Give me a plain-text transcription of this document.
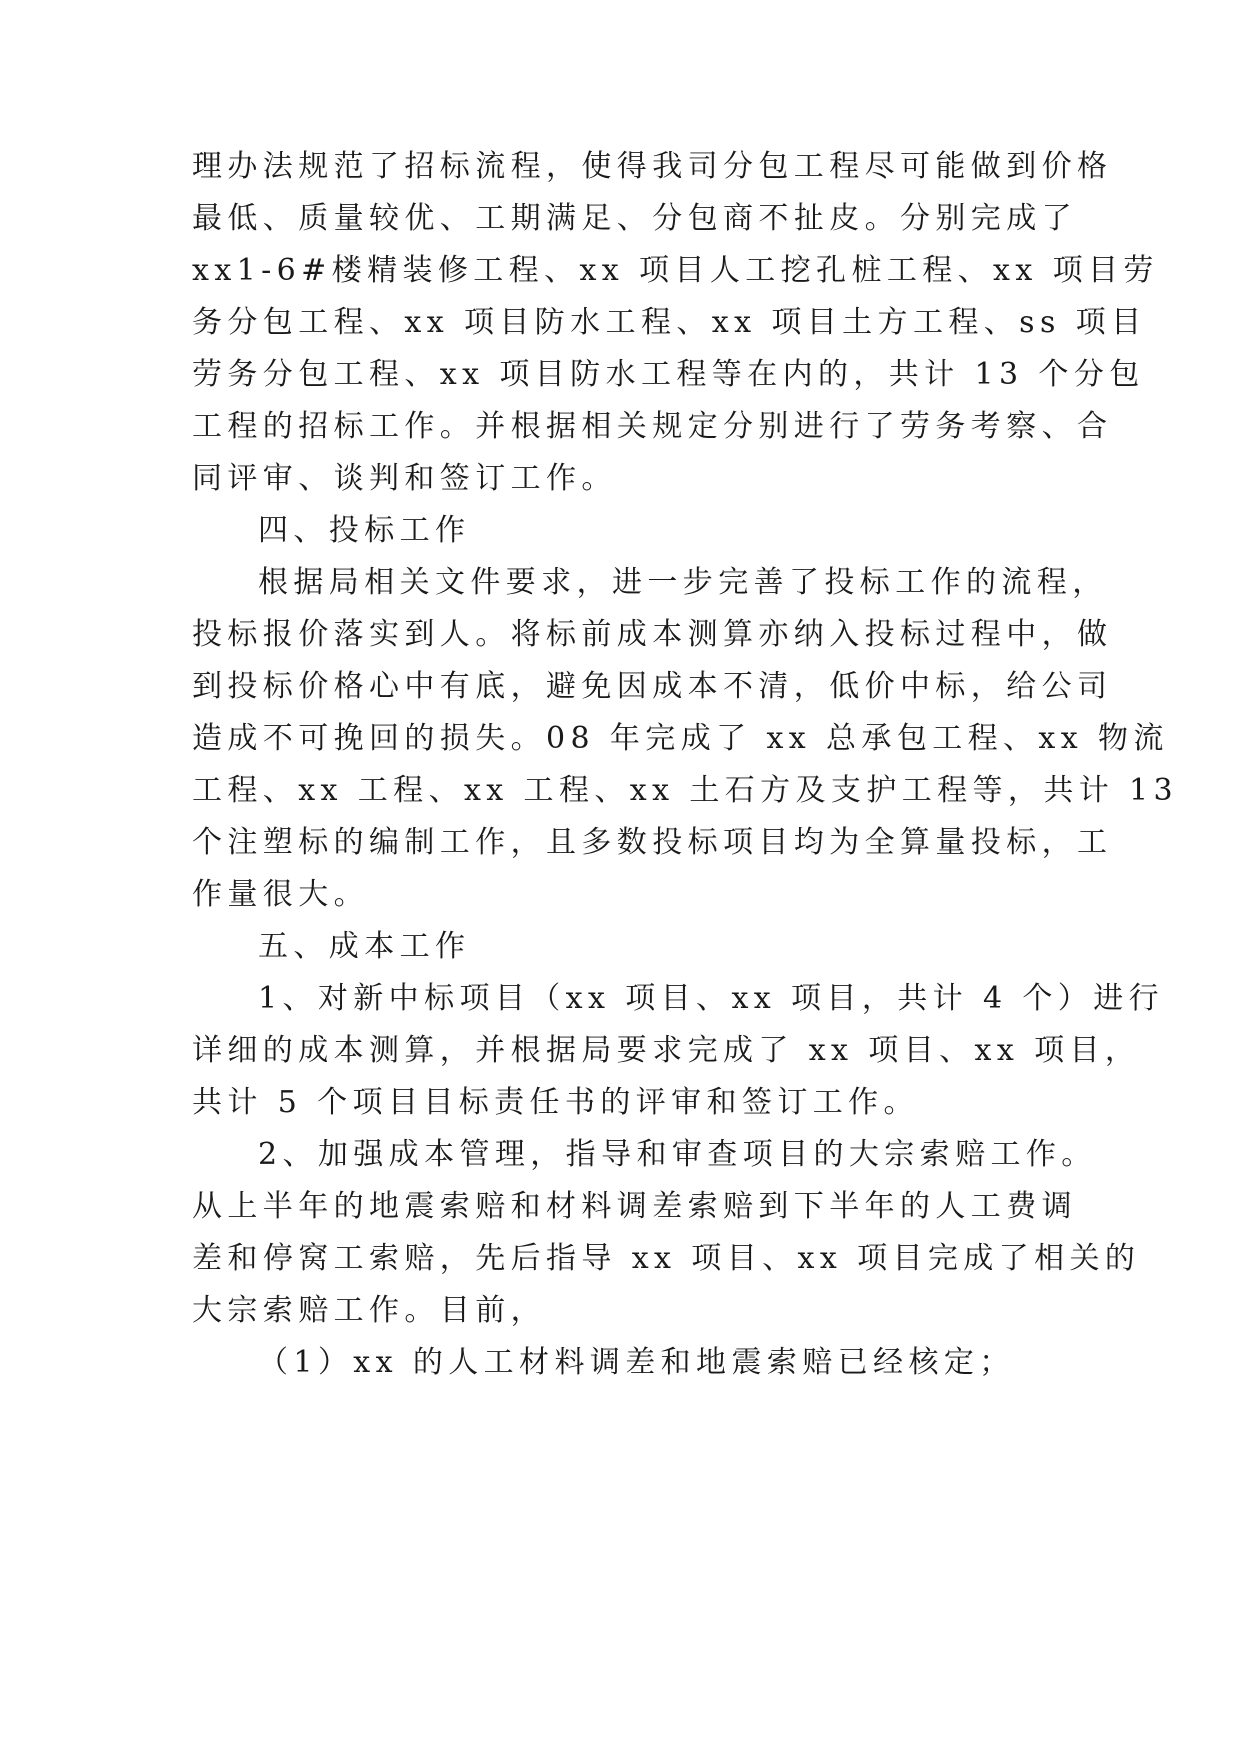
理办法规范了招标流程，使得我司分包工程尽可能做到价格
最低、质量较优、工期满足、分包商不扯皮。分别完成了
xx1-6#楼精装修工程、xx 项目人工挖孔桩工程、xx 项目劳
务分包工程、xx 项目防水工程、xx 项目土方工程、ss 项目
劳务分包工程、xx 项目防水工程等在内的，共计 13 个分包
工程的招标工作。并根据相关规定分别进行了劳务考察、合
同评审、谈判和签订工作。
四、投标工作
根据局相关文件要求，进一步完善了投标工作的流程，
投标报价落实到人。将标前成本测算亦纳入投标过程中，做
到投标价格心中有底，避免因成本不清，低价中标，给公司
造成不可挽回的损失。08 年完成了 xx 总承包工程、xx 物流
工程、xx 工程、xx 工程、xx 土石方及支护工程等，共计 13
个注塑标的编制工作，且多数投标项目均为全算量投标，工
作量很大。
五、成本工作
1、对新中标项目（xx 项目、xx 项目，共计 4 个）进行
详细的成本测算，并根据局要求完成了 xx 项目、xx 项目，
共计 5 个项目目标责任书的评审和签订工作。
2、加强成本管理，指导和审查项目的大宗索赔工作。
从上半年的地震索赔和材料调差索赔到下半年的人工费调
差和停窝工索赔，先后指导 xx 项目、xx 项目完成了相关的
大宗索赔工作。目前，
（1）xx 的人工材料调差和地震索赔已经核定；
